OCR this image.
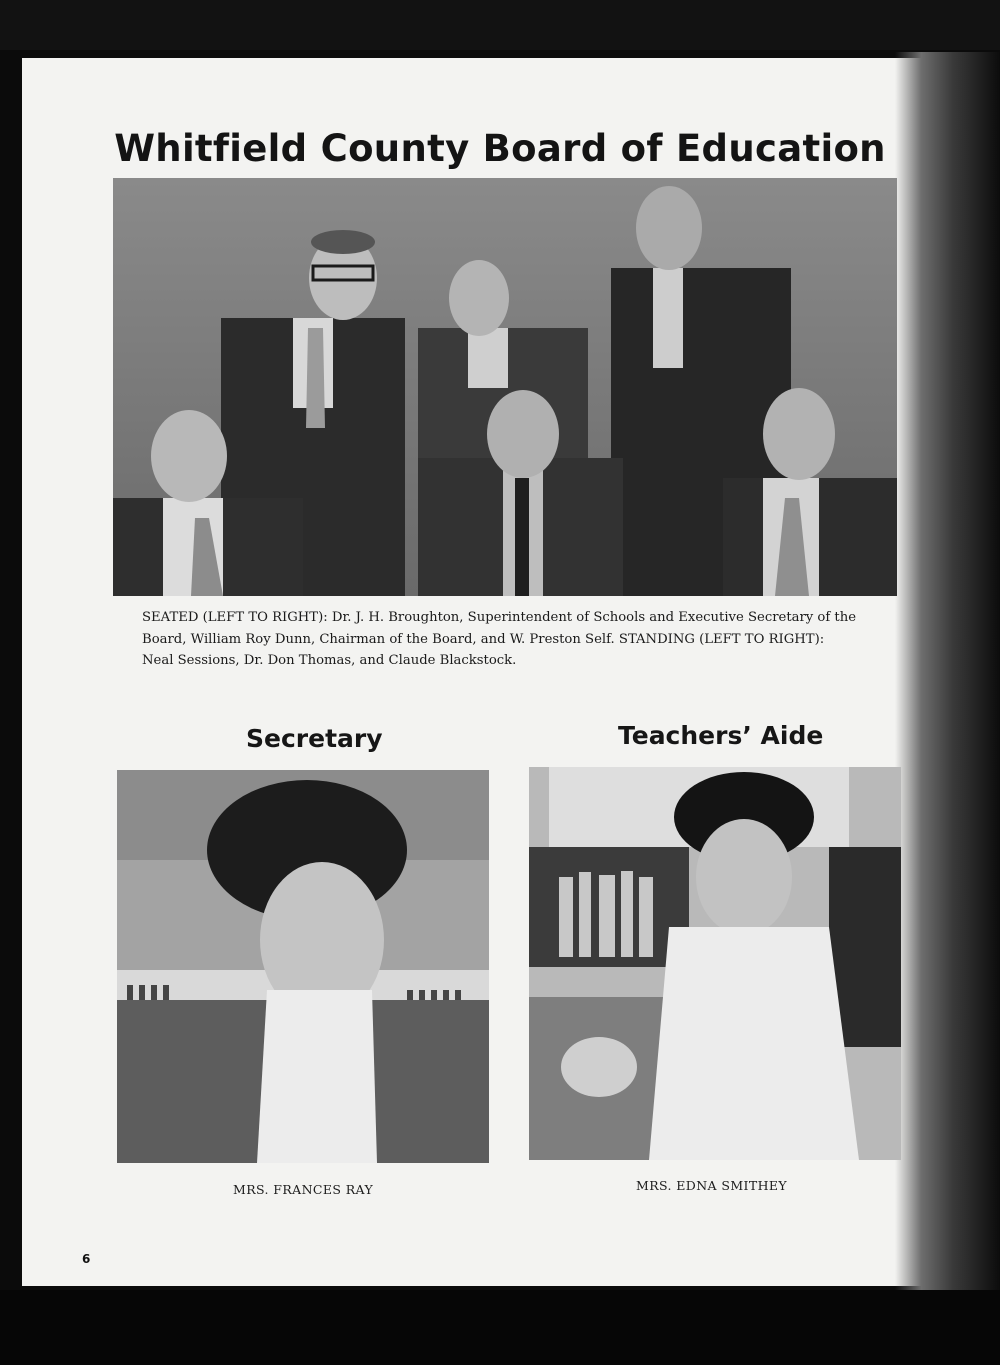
Whitfield County Board of Education

SEATED (LEFT TO RIGHT): Dr. J. H. Broughton, Superintendent of Schools and Executive Secretary of the

Board, William Roy Dunn, Chairman of the Board, and W. Preston Self. STANDING (LEFT TO RIGHT):

Neal Sessions, Dr. Don Thomas, and Claude Blackstock.

Secretary	Teachers’ Aide
MRS. FRANCES RAY	MRS. EDNA SMITHEY
6
